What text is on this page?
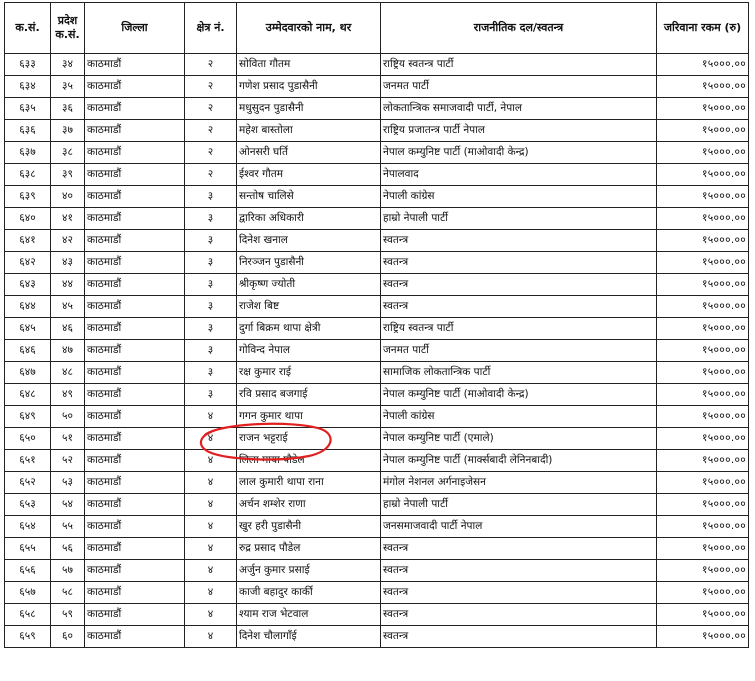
क.सं.	प्रदेश क.सं.	जिल्ला	क्षेत्र नं.	उम्मेदवारको नाम, थर	राजनीतिक दल/स्वतन्त्र	जरिवाना रकम (रु)
६३३	३४	काठमाडौं	२	सोविता गौतम	राष्ट्रिय स्वतन्त्र पार्टी	१५०००.००
६३४	३५	काठमाडौं	२	गणेश प्रसाद पुडासैनी	जनमत पार्टी	१५०००.००
६३५	३६	काठमाडौं	२	मधुसुदन पुडासैनी	लोकतान्त्रिक समाजवादी पार्टी, नेपाल	१५०००.००
६३६	३७	काठमाडौं	२	महेश बास्तोला	राष्ट्रिय प्रजातन्त्र पार्टी नेपाल	१५०००.००
६३७	३८	काठमाडौं	२	ओनसरी घर्ति	नेपाल कम्युनिष्ट पार्टी (माओवादी केन्द्र)	१५०००.००
६३८	३९	काठमाडौं	२	ईश्वर गौतम	नेपालवाद	१५०००.००
६३९	४०	काठमाडौं	३	सन्तोष चालिसे	नेपाली कांग्रेस	१५०००.००
६४०	४१	काठमाडौं	३	द्वारिका अधिकारी	हाम्रो नेपाली पार्टी	१५०००.००
६४१	४२	काठमाडौं	३	दिनेश खनाल	स्वतन्त्र	१५०००.००
६४२	४३	काठमाडौं	३	निरञ्जन पुडासैनी	स्वतन्त्र	१५०००.००
६४३	४४	काठमाडौं	३	श्रीकृष्ण ज्योती	स्वतन्त्र	१५०००.००
६४४	४५	काठमाडौं	३	राजेश बिष्ट	स्वतन्त्र	१५०००.००
६४५	४६	काठमाडौं	३	दुर्गा बिक्रम थापा क्षेत्री	राष्ट्रिय स्वतन्त्र पार्टी	१५०००.००
६४६	४७	काठमाडौं	३	गोविन्द नेपाल	जनमत पार्टी	१५०००.००
६४७	४८	काठमाडौं	३	रक्ष कुमार राई	सामाजिक लोकतान्त्रिक पार्टी	१५०००.००
६४८	४९	काठमाडौं	३	रवि प्रसाद बजगाई	नेपाल कम्युनिष्ट पार्टी (माओवादी केन्द्र)	१५०००.००
६४९	५०	काठमाडौं	४	गगन कुमार थापा	नेपाली कांग्रेस	१५०००.००
६५०	५१	काठमाडौं	४	राजन भट्टराई	नेपाल कम्युनिष्ट पार्टी (एमाले)	१५०००.००
६५१	५२	काठमाडौं	४	लिला माया पौडेल	नेपाल कम्युनिष्ट पार्टी (मार्क्सबादी लेनिनबादी)	१५०००.००
६५२	५३	काठमाडौं	४	लाल कुमारी थापा राना	मंगोल नेशनल अर्गनाइजेसन	१५०००.००
६५३	५४	काठमाडौं	४	अर्चन शम्शेर राणा	हाम्रो नेपाली पार्टी	१५०००.००
६५४	५५	काठमाडौं	४	खुर हरी पुडासैनी	जनसमाजवादी पार्टी नेपाल	१५०००.००
६५५	५६	काठमाडौं	४	रुद्र प्रसाद पौडेल	स्वतन्त्र	१५०००.००
६५६	५७	काठमाडौं	४	अर्जुन कुमार प्रसाई	स्वतन्त्र	१५०००.००
६५७	५८	काठमाडौं	४	काजी बहादुर कार्की	स्वतन्त्र	१५०००.००
६५८	५९	काठमाडौं	४	श्याम राज भेटवाल	स्वतन्त्र	१५०००.००
६५९	६०	काठमाडौं	४	दिनेश चौलागाँई	स्वतन्त्र	१५०००.००
